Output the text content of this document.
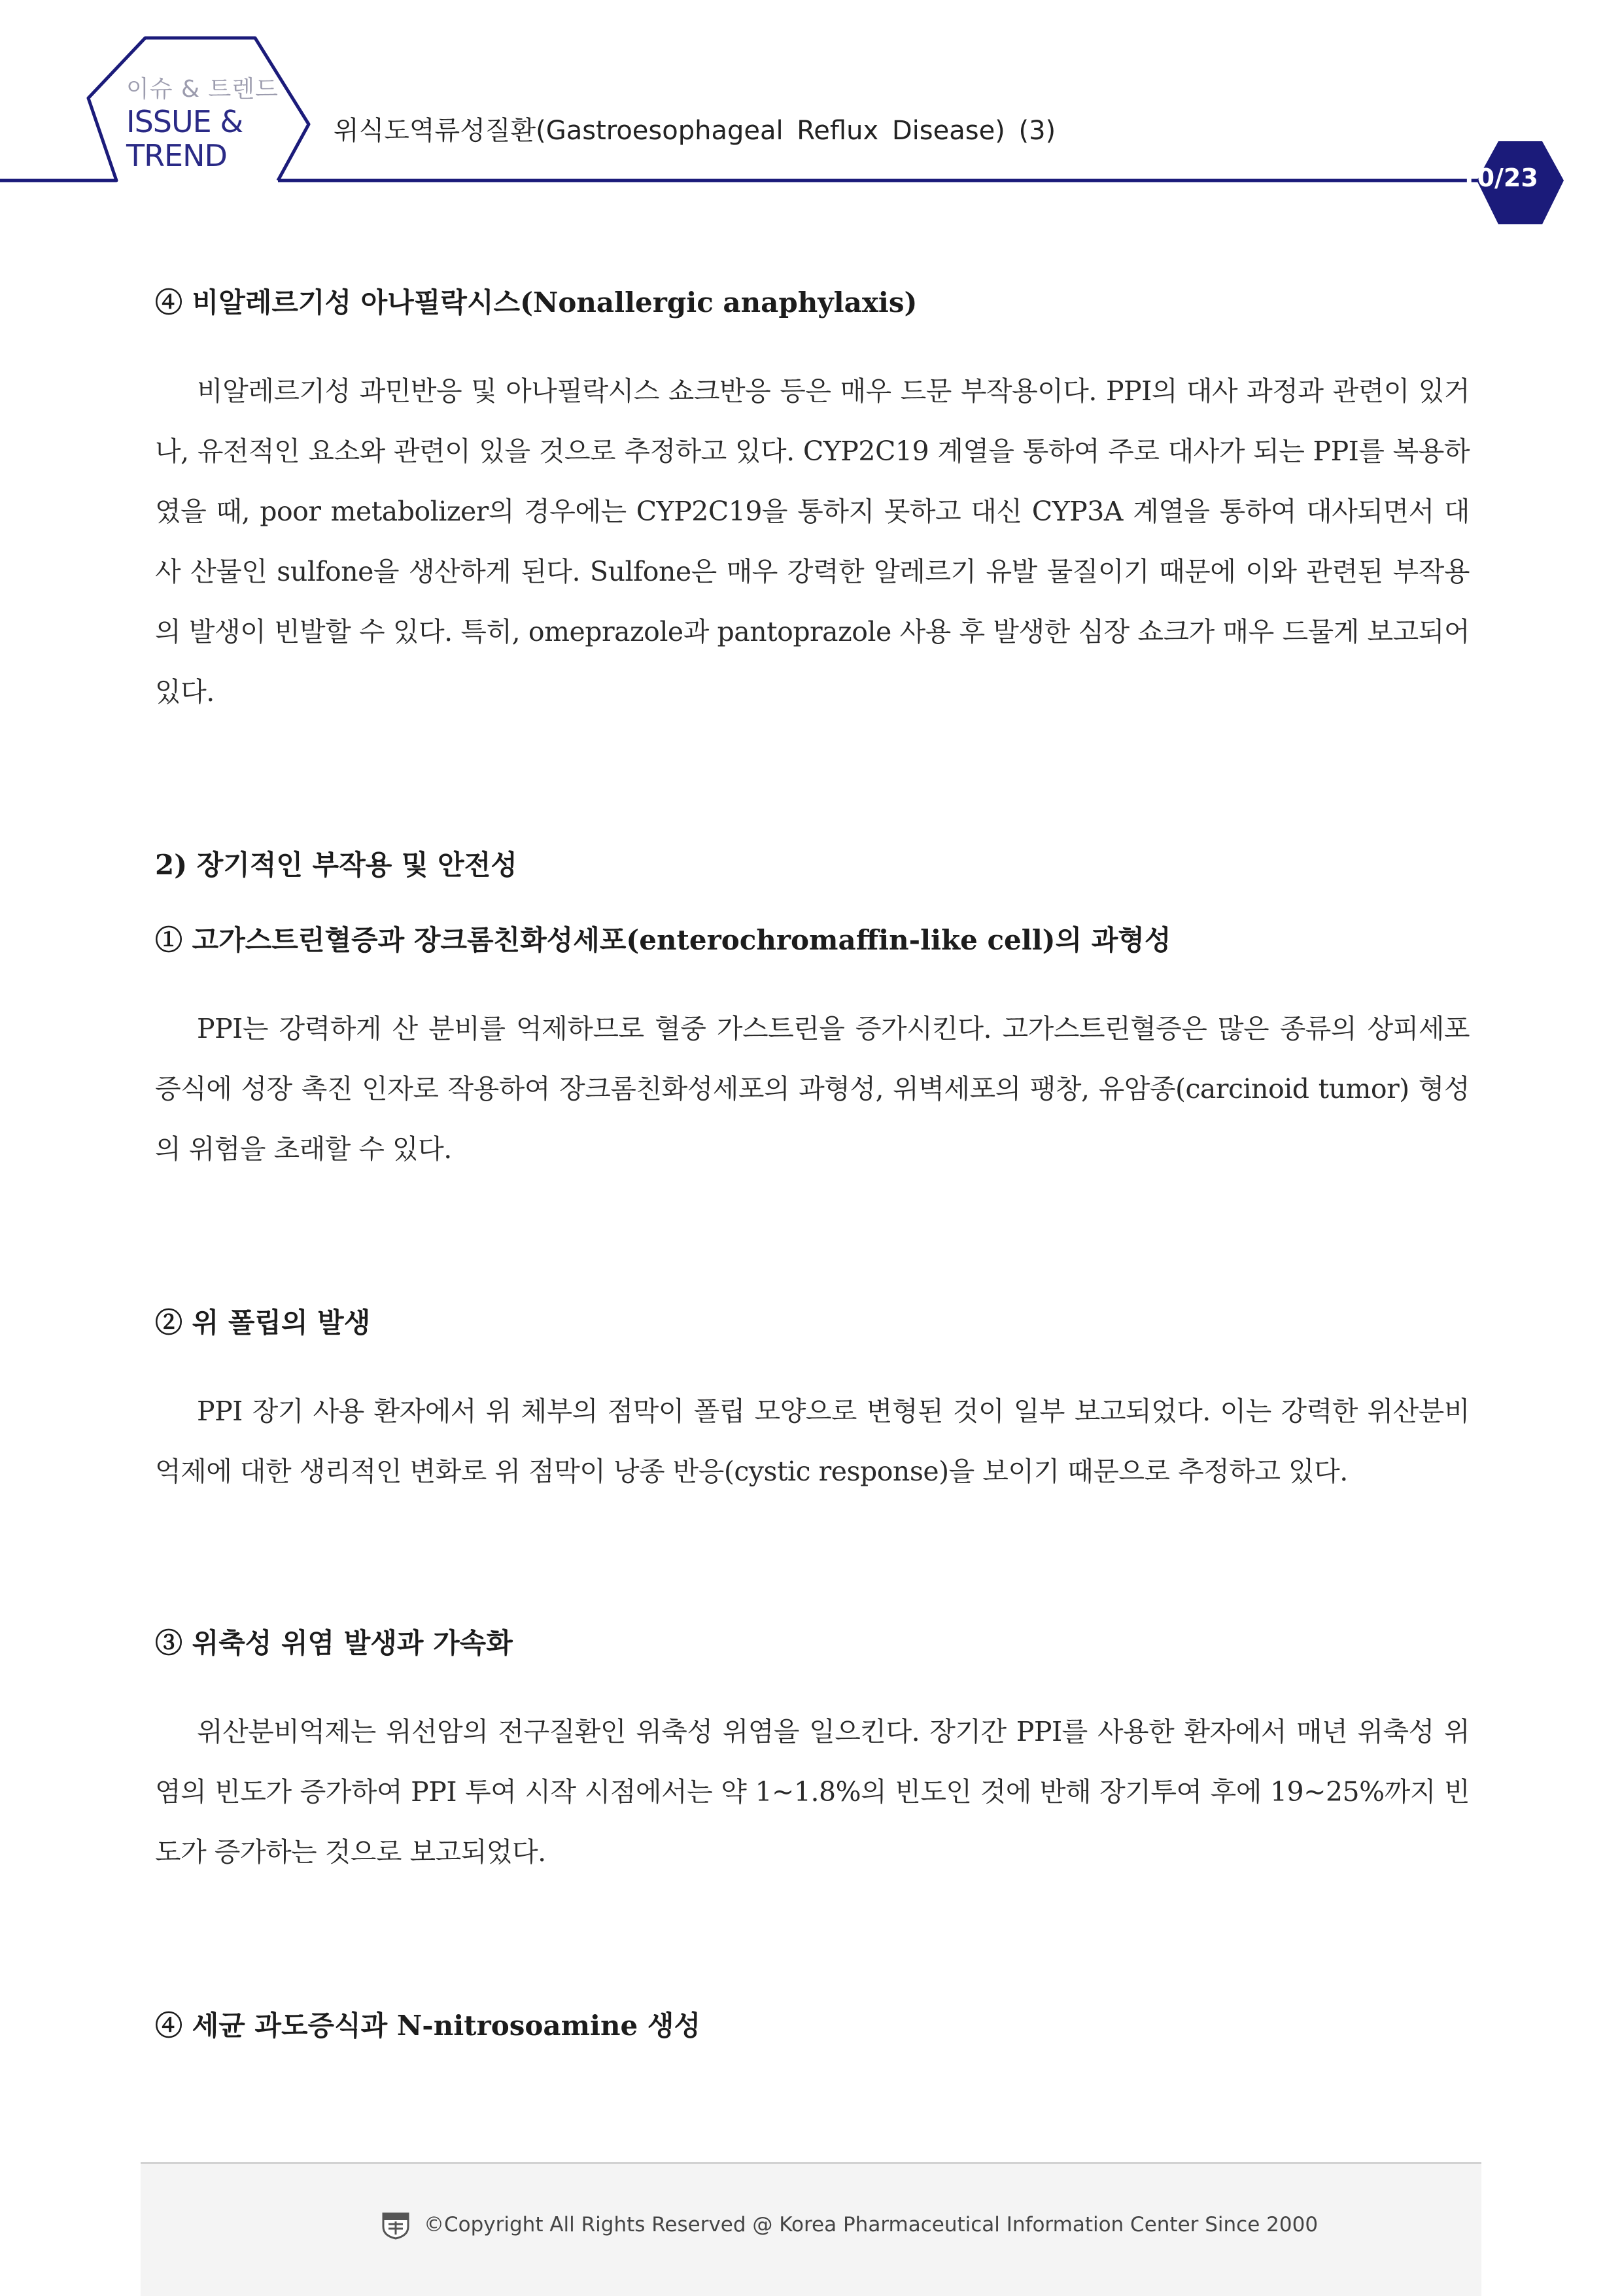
이슈 & 트렌드
ISSUE &
TREND
위식도역류성질환(Gastroesophageal Reflux Disease) (3)
10/23
④ 비알레르기성 아나필락시스(Nonallergic anaphylaxis)

비알레르기성 과민반응 및 아나필락시스 쇼크반응 등은 매우 드문 부작용이다. PPI의 대사 과정과 관련이 있거나, 유전적인 요소와 관련이 있을 것으로 추정하고 있다. CYP2C19 계열을 통하여 주로 대사가 되는 PPI를 복용하였을 때, poor metabolizer의 경우에는 CYP2C19을 통하지 못하고 대신 CYP3A 계열을 통하여 대사되면서 대사 산물인 sulfone을 생산하게 된다. Sulfone은 매우 강력한 알레르기 유발 물질이기 때문에 이와 관련된 부작용의 발생이 빈발할 수 있다. 특히, omeprazole과 pantoprazole 사용 후 발생한 심장 쇼크가 매우 드물게 보고되어 있다.

2) 장기적인 부작용 및 안전성
① 고가스트린혈증과 장크롬친화성세포(enterochromaffin-like cell)의 과형성

PPI는 강력하게 산 분비를 억제하므로 혈중 가스트린을 증가시킨다. 고가스트린혈증은 많은 종류의 상피세포 증식에 성장 촉진 인자로 작용하여 장크롬친화성세포의 과형성, 위벽세포의 팽창, 유암종(carcinoid tumor) 형성의 위험을 초래할 수 있다.

② 위 폴립의 발생

PPI 장기 사용 환자에서 위 체부의 점막이 폴립 모양으로 변형된 것이 일부 보고되었다. 이는 강력한 위산분비억제에 대한 생리적인 변화로 위 점막이 낭종 반응(cystic response)을 보이기 때문으로 추정하고 있다.

③ 위축성 위염 발생과 가속화

위산분비억제는 위선암의 전구질환인 위축성 위염을 일으킨다. 장기간 PPI를 사용한 환자에서 매년 위축성 위염의 빈도가 증가하여 PPI 투여 시작 시점에서는 약 1~1.8%의 빈도인 것에 반해 장기투여 후에 19~25%까지 빈도가 증가하는 것으로 보고되었다.

④ 세균 과도증식과 N-nitrosoamine 생성
©Copyright All Rights Reserved @ Korea Pharmaceutical Information Center Since 2000
